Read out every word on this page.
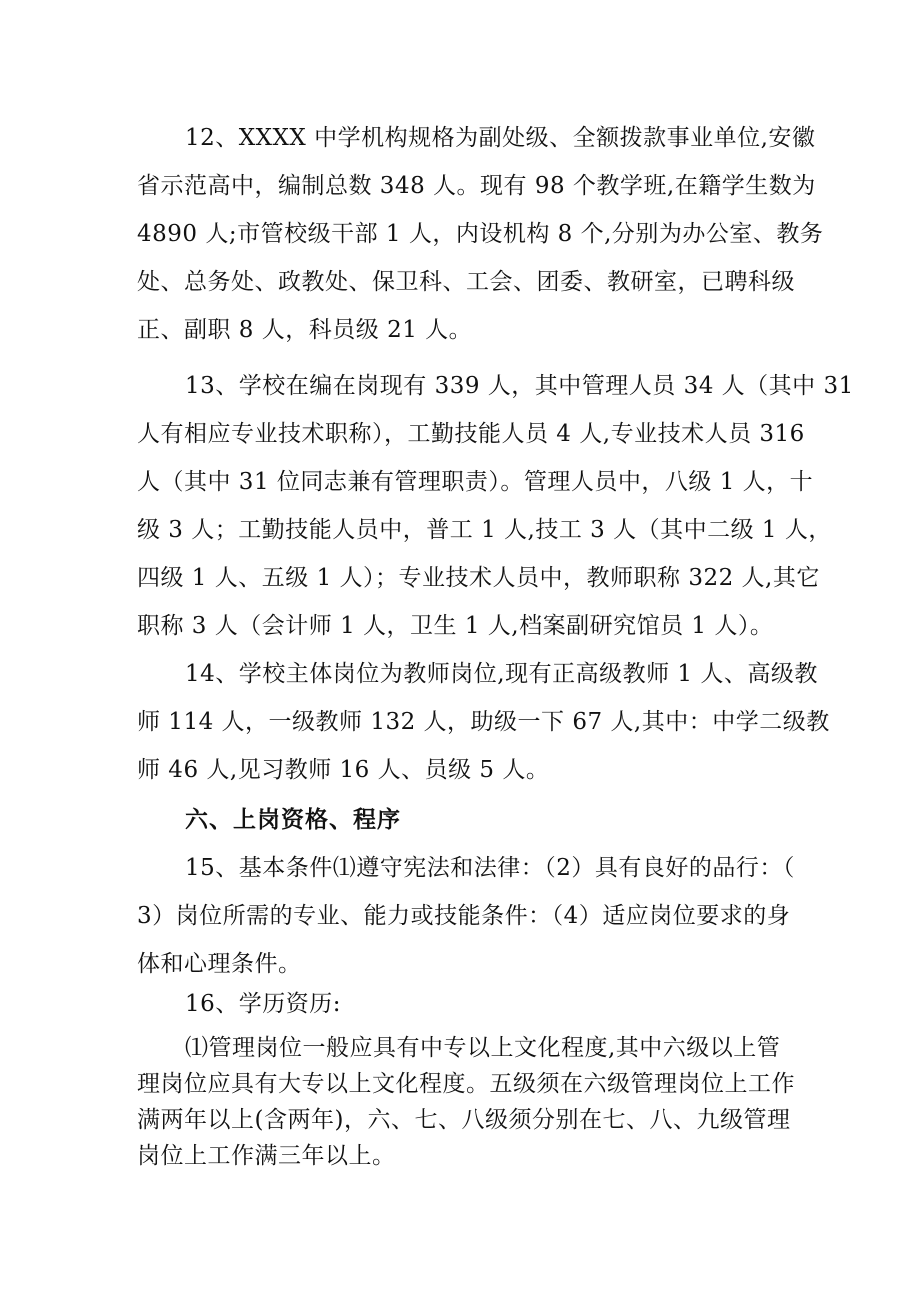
12、XXXX 中学机构规格为副处级、全额拨款事业单位,安徽
省示范高中，编制总数 348 人。现有 98 个教学班,在籍学生数为
4890 人;市管校级干部 1 人，内设机构 8 个,分别为办公室、教务
处、总务处、政教处、保卫科、工会、团委、教研室，已聘科级
正、副职 8 人，科员级 21 人。
13、学校在编在岗现有 339 人，其中管理人员 34 人（其中 31
人有相应专业技术职称），工勤技能人员 4 人,专业技术人员 316
人（其中 31 位同志兼有管理职责）。管理人员中，八级 1 人，十
级 3 人；工勤技能人员中，普工 1 人,技工 3 人（其中二级 1 人，
四级 1 人、五级 1 人）；专业技术人员中，教师职称 322 人,其它
职称 3 人（会计师 1 人，卫生 1 人,档案副研究馆员 1 人）。
14、学校主体岗位为教师岗位,现有正高级教师 1 人、高级教
师 114 人，一级教师 132 人，助级一下 67 人,其中：中学二级教
师 46 人,见习教师 16 人、员级 5 人。
六、上岗资格、程序
15、基本条件⑴遵守宪法和法律：（2）具有良好的品行：（
3）岗位所需的专业、能力或技能条件：（4）适应岗位要求的身
体和心理条件。
16、学历资历:
⑴管理岗位一般应具有中专以上文化程度,其中六级以上管
理岗位应具有大专以上文化程度。五级须在六级管理岗位上工作
满两年以上(含两年)，六、七、八级须分别在七、八、九级管理
岗位上工作满三年以上。
